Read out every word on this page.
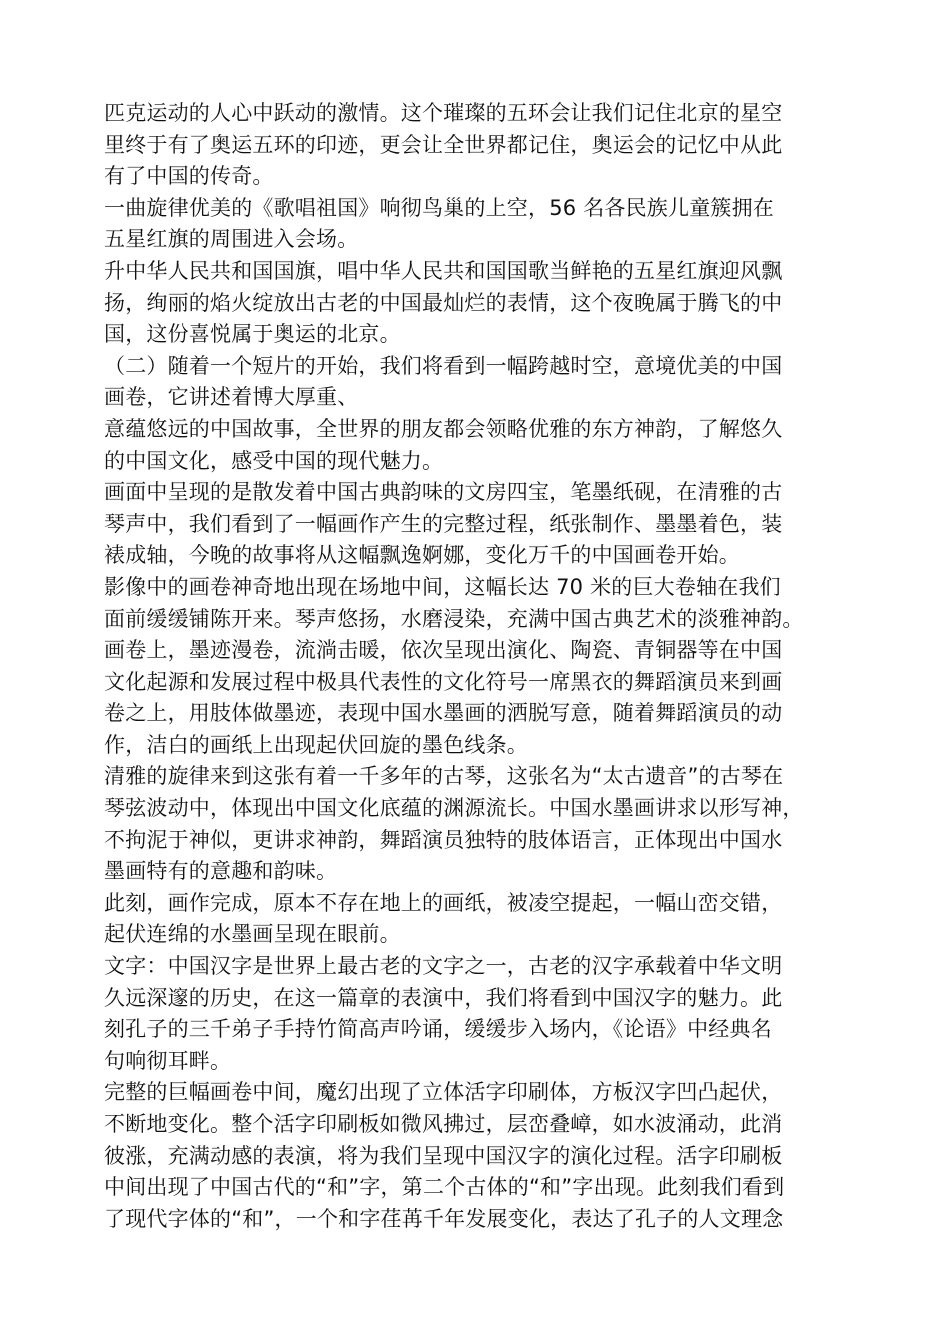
匹克运动的人心中跃动的激情。这个璀璨的五环会让我们记住北京的星空
里终于有了奥运五环的印迹，更会让全世界都记住，奥运会的记忆中从此
有了中国的传奇。

一曲旋律优美的《歌唱祖国》响彻鸟巢的上空，56 名各民族儿童簇拥在
五星红旗的周围进入会场。

升中华人民共和国国旗，唱中华人民共和国国歌当鲜艳的五星红旗迎风飘
扬，绚丽的焰火绽放出古老的中国最灿烂的表情，这个夜晚属于腾飞的中
国，这份喜悦属于奥运的北京。

（二）随着一个短片的开始，我们将看到一幅跨越时空，意境优美的中国
画卷，它讲述着博大厚重、

意蕴悠远的中国故事，全世界的朋友都会领略优雅的东方神韵，了解悠久
的中国文化，感受中国的现代魅力。

画面中呈现的是散发着中国古典韵味的文房四宝，笔墨纸砚，在清雅的古
琴声中，我们看到了一幅画作产生的完整过程，纸张制作、墨墨着色，装
裱成轴，今晚的故事将从这幅飘逸婀娜，变化万千的中国画卷开始。

影像中的画卷神奇地出现在场地中间，这幅长达 70 米的巨大卷轴在我们
面前缓缓铺陈开来。琴声悠扬，水磨浸染，充满中国古典艺术的淡雅神韵。
画卷上，墨迹漫卷，流淌击暖，依次呈现出演化、陶瓷、青铜器等在中国
文化起源和发展过程中极具代表性的文化符号一席黑衣的舞蹈演员来到画
卷之上，用肢体做墨迹，表现中国水墨画的洒脱写意，随着舞蹈演员的动
作，洁白的画纸上出现起伏回旋的墨色线条。

清雅的旋律来到这张有着一千多年的古琴，这张名为“太古遗音”的古琴在
琴弦波动中，体现出中国文化底蕴的渊源流长。中国水墨画讲求以形写神，
不拘泥于神似，更讲求神韵，舞蹈演员独特的肢体语言，正体现出中国水
墨画特有的意趣和韵味。

此刻，画作完成，原本不存在地上的画纸，被凌空提起，一幅山峦交错，
起伏连绵的水墨画呈现在眼前。

文字：中国汉字是世界上最古老的文字之一，古老的汉字承载着中华文明
久远深邃的历史，在这一篇章的表演中，我们将看到中国汉字的魅力。此
刻孔子的三千弟子手持竹简高声吟诵，缓缓步入场内，《论语》中经典名
句响彻耳畔。

完整的巨幅画卷中间，魔幻出现了立体活字印刷体，方板汉字凹凸起伏，
不断地变化。整个活字印刷板如微风拂过，层峦叠嶂，如水波涌动，此消
彼涨，充满动感的表演，将为我们呈现中国汉字的演化过程。活字印刷板
中间出现了中国古代的“和”字，第二个古体的“和”字出现。此刻我们看到
了现代字体的“和”，一个和字荏苒千年发展变化，表达了孔子的人文理念
